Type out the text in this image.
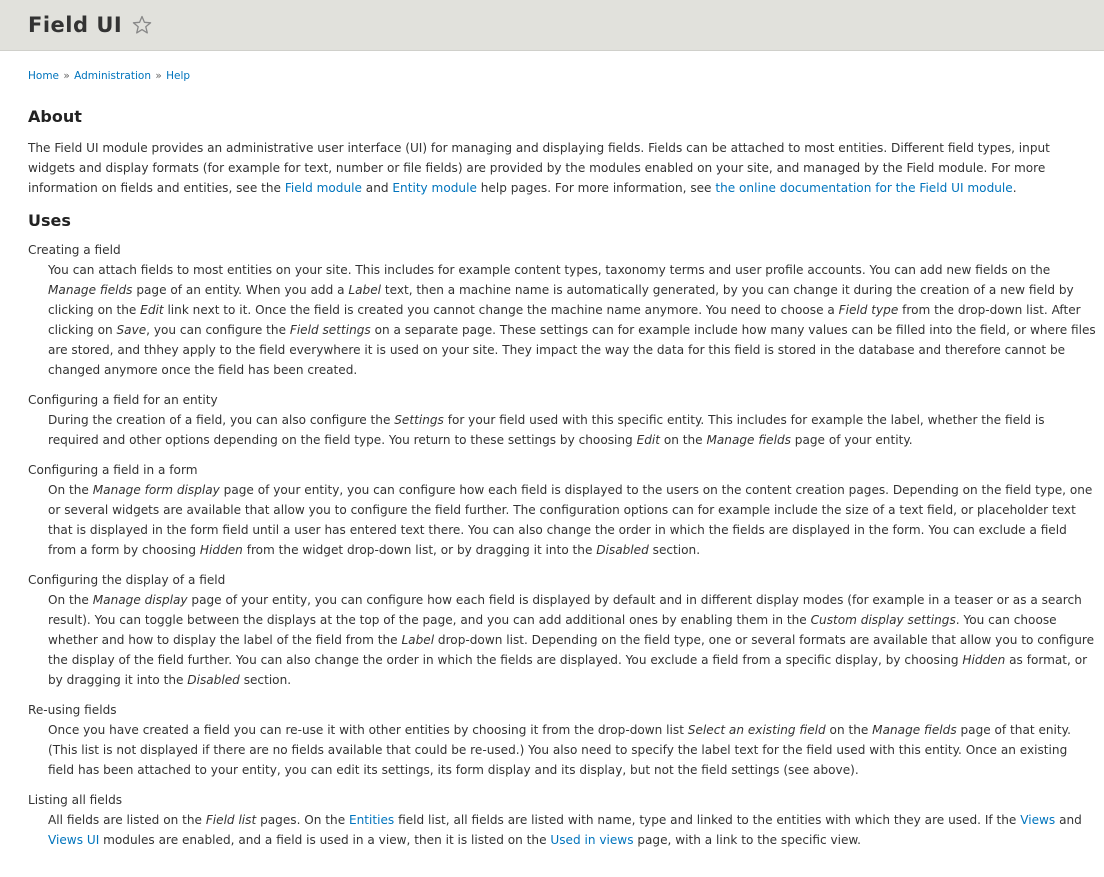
Field UI
Home » Administration » Help
About

The Field UI module provides an administrative user interface (UI) for managing and displaying fields. Fields can be attached to most entities. Different field types, input widgets and display formats (for example for text, number or file fields) are provided by the modules enabled on your site, and managed by the Field module. For more information on fields and entities, see the Field module and Entity module help pages. For more information, see the online documentation for the Field UI module.

Uses
Creating a field
You can attach fields to most entities on your site. This includes for example content types, taxonomy terms and user profile accounts. You can add new fields on the Manage fields page of an entity. When you add a Label text, then a machine name is automatically generated, by you can change it during the creation of a new field by clicking on the Edit link next to it. Once the field is created you cannot change the machine name anymore. You need to choose a Field type from the drop-down list. After clicking on Save, you can configure the Field settings on a separate page. These settings can for example include how many values can be filled into the field, or where files are stored, and thhey apply to the field everywhere it is used on your site. They impact the way the data for this field is stored in the database and therefore cannot be changed anymore once the field has been created.
Configuring a field for an entity
During the creation of a field, you can also configure the Settings for your field used with this specific entity. This includes for example the label, whether the field is required and other options depending on the field type. You return to these settings by choosing Edit on the Manage fields page of your entity.
Configuring a field in a form
On the Manage form display page of your entity, you can configure how each field is displayed to the users on the content creation pages. Depending on the field type, one or several widgets are available that allow you to configure the field further. The configuration options can for example include the size of a text field, or placeholder text that is displayed in the form field until a user has entered text there. You can also change the order in which the fields are displayed in the form. You can exclude a field from a form by choosing Hidden from the widget drop-down list, or by dragging it into the Disabled section.
Configuring the display of a field
On the Manage display page of your entity, you can configure how each field is displayed by default and in different display modes (for example in a teaser or as a search result). You can toggle between the displays at the top of the page, and you can add additional ones by enabling them in the Custom display settings. You can choose whether and how to display the label of the field from the Label drop-down list. Depending on the field type, one or several formats are available that allow you to configure the display of the field further. You can also change the order in which the fields are displayed. You exclude a field from a specific display, by choosing Hidden as format, or by dragging it into the Disabled section.
Re-using fields
Once you have created a field you can re-use it with other entities by choosing it from the drop-down list Select an existing field on the Manage fields page of that enity. (This list is not displayed if there are no fields available that could be re-used.) You also need to specify the label text for the field used with this entity. Once an existing field has been attached to your entity, you can edit its settings, its form display and its display, but not the field settings (see above).
Listing all fields
All fields are listed on the Field list pages. On the Entities field list, all fields are listed with name, type and linked to the entities with which they are used. If the Views and Views UI modules are enabled, and a field is used in a view, then it is listed on the Used in views page, with a link to the specific view.
